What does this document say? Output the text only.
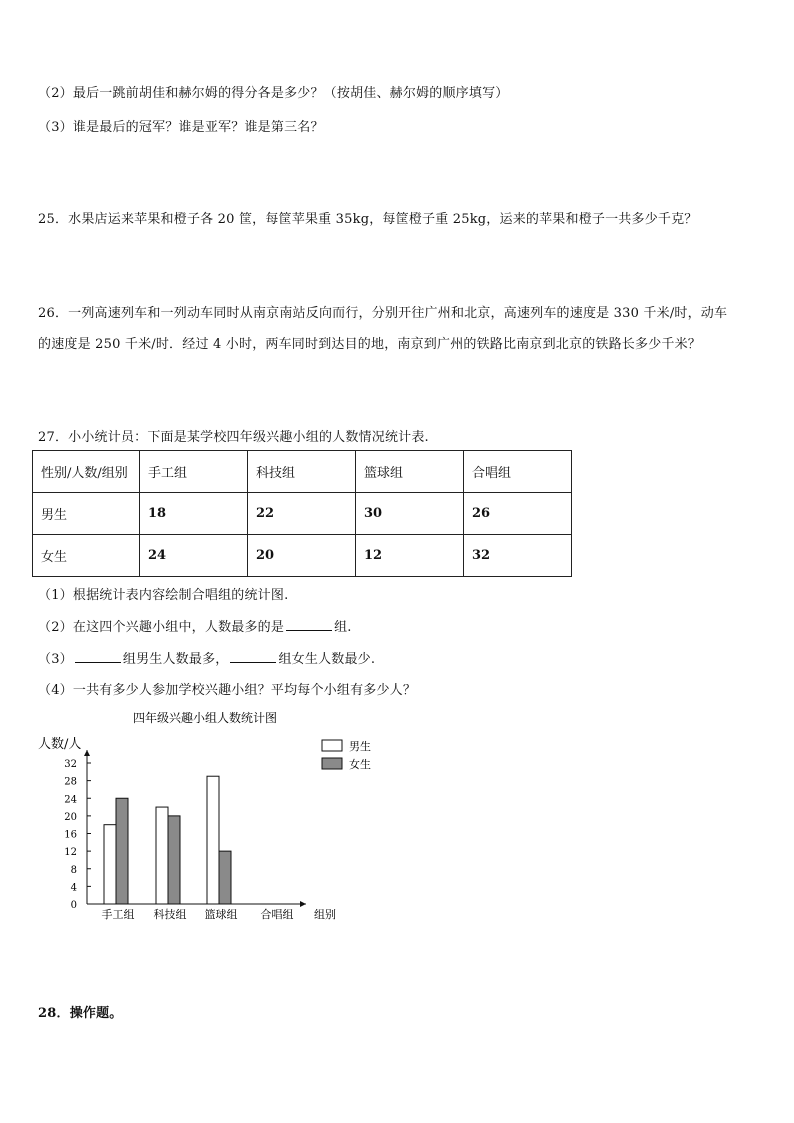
（2）最后一跳前胡佳和赫尔姆的得分各是多少？（按胡佳、赫尔姆的顺序填写）
（3）谁是最后的冠军？谁是亚军？谁是第三名？
25．水果店运来苹果和橙子各 20 筐，每筐苹果重 35kg，每筐橙子重 25kg，运来的苹果和橙子一共多少千克？
26．一列高速列车和一列动车同时从南京南站反向而行，分别开往广州和北京，高速列车的速度是 330 千米/时，动车
的速度是 250 千米/时．经过 4 小时，两车同时到达目的地，南京到广州的铁路比南京到北京的铁路长多少千米？
27．小小统计员：下面是某学校四年级兴趣小组的人数情况统计表.
性别/人数/组别	手工组	科技组	篮球组	合唱组
男生	18	22	30	26
女生	24	20	12	32
（1）根据统计表内容绘制合唱组的统计图.
（2）在这四个兴趣小组中，人数最多的是	组.
（3）	组男生人数最多，	组女生人数最少.
（4）一共有多少人参加学校兴趣小组？平均每个小组有多少人？
四年级兴趣小组人数统计图
人数/人
组别
0
4
8
12
16
20
24
28
32
手工组 科技组 篮球组 合唱组
男生
女生
28．操作题。
